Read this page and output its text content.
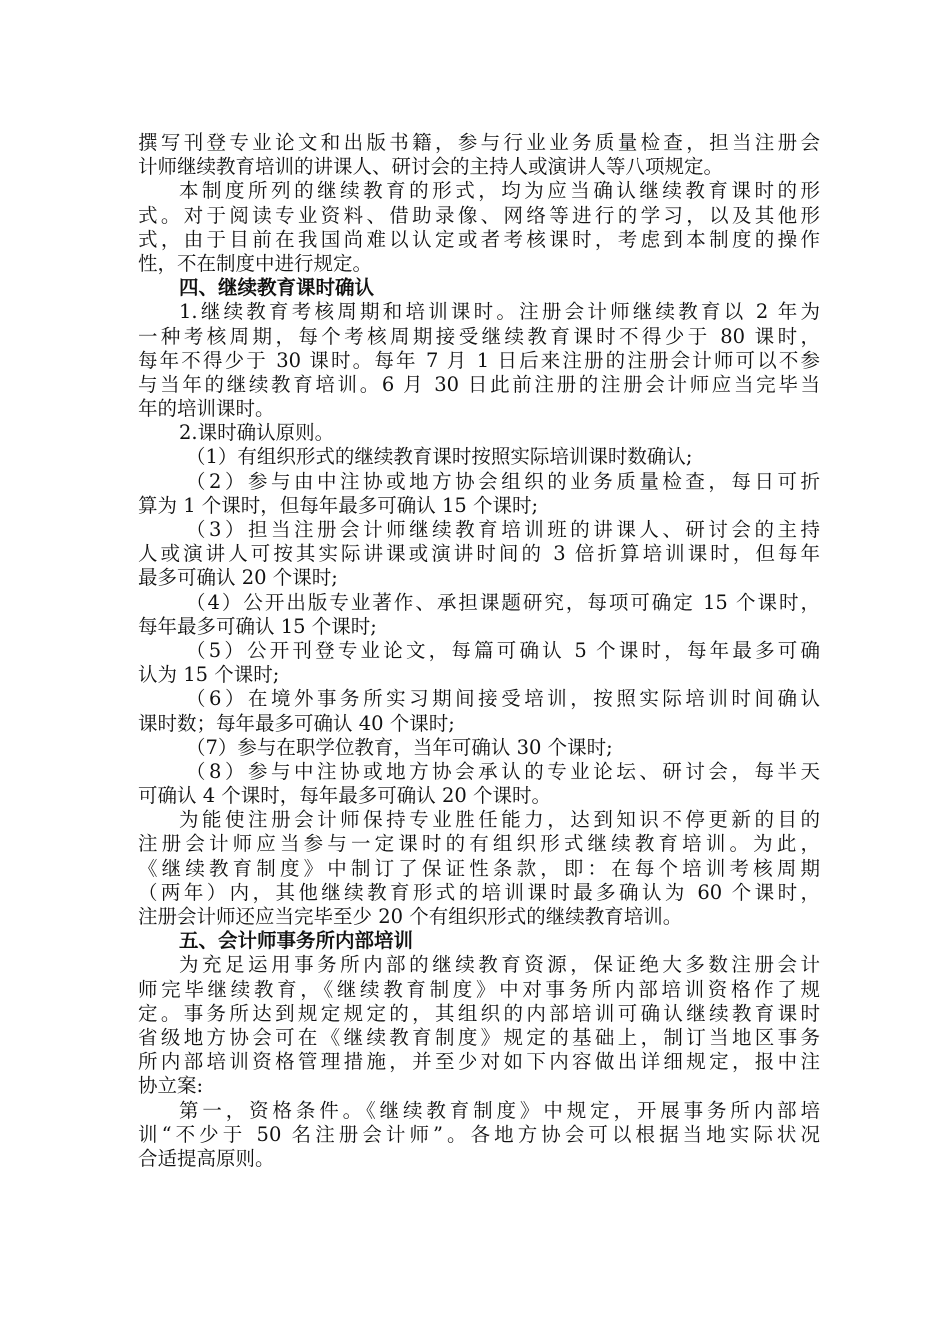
撰写刊登专业论文和出版书籍，参与行业业务质量检查，担当注册会
计师继续教育培训的讲课人、研讨会的主持人或演讲人等八项规定。
本制度所列的继续教育的形式，均为应当确认继续教育课时的形
式。对于阅读专业资料、借助录像、网络等进行的学习，以及其他形
式，由于目前在我国尚难以认定或者考核课时，考虑到本制度的操作
性，不在制度中进行规定。
四、继续教育课时确认
1.继续教育考核周期和培训课时。注册会计师继续教育以 2 年为
一种考核周期，每个考核周期接受继续教育课时不得少于 80 课时，
每年不得少于 30 课时。每年 7 月 1 日后来注册的注册会计师可以不参
与当年的继续教育培训。6 月 30 日此前注册的注册会计师应当完毕当
年的培训课时。
2.课时确认原则。
（1）有组织形式的继续教育课时按照实际培训课时数确认;
（2）参与由中注协或地方协会组织的业务质量检查，每日可折
算为 1 个课时，但每年最多可确认 15 个课时;
（3）担当注册会计师继续教育培训班的讲课人、研讨会的主持
人或演讲人可按其实际讲课或演讲时间的 3 倍折算培训课时，但每年
最多可确认 20 个课时;
（4）公开出版专业著作、承担课题研究，每项可确定 15 个课时，
每年最多可确认 15 个课时;
（5）公开刊登专业论文，每篇可确认 5 个课时，每年最多可确
认为 15 个课时;
（6）在境外事务所实习期间接受培训，按照实际培训时间确认
课时数；每年最多可确认 40 个课时;
（7）参与在职学位教育，当年可确认 30 个课时;
（8）参与中注协或地方协会承认的专业论坛、研讨会，每半天
可确认 4 个课时，每年最多可确认 20 个课时。
为能使注册会计师保持专业胜任能力，达到知识不停更新的目的
注册会计师应当参与一定课时的有组织形式继续教育培训。为此，
《继续教育制度》中制订了保证性条款，即：在每个培训考核周期
（两年）内，其他继续教育形式的培训课时最多确认为 60 个课时，
注册会计师还应当完毕至少 20 个有组织形式的继续教育培训。
五、会计师事务所内部培训
为充足运用事务所内部的继续教育资源，保证绝大多数注册会计
师完毕继续教育，《继续教育制度》中对事务所内部培训资格作了规
定。事务所达到规定规定的，其组织的内部培训可确认继续教育课时
省级地方协会可在《继续教育制度》规定的基础上，制订当地区事务
所内部培训资格管理措施，并至少对如下内容做出详细规定，报中注
协立案:
第一，资格条件。《继续教育制度》中规定，开展事务所内部培
训“不少于 50 名注册会计师”。各地方协会可以根据当地实际状况
合适提高原则。
